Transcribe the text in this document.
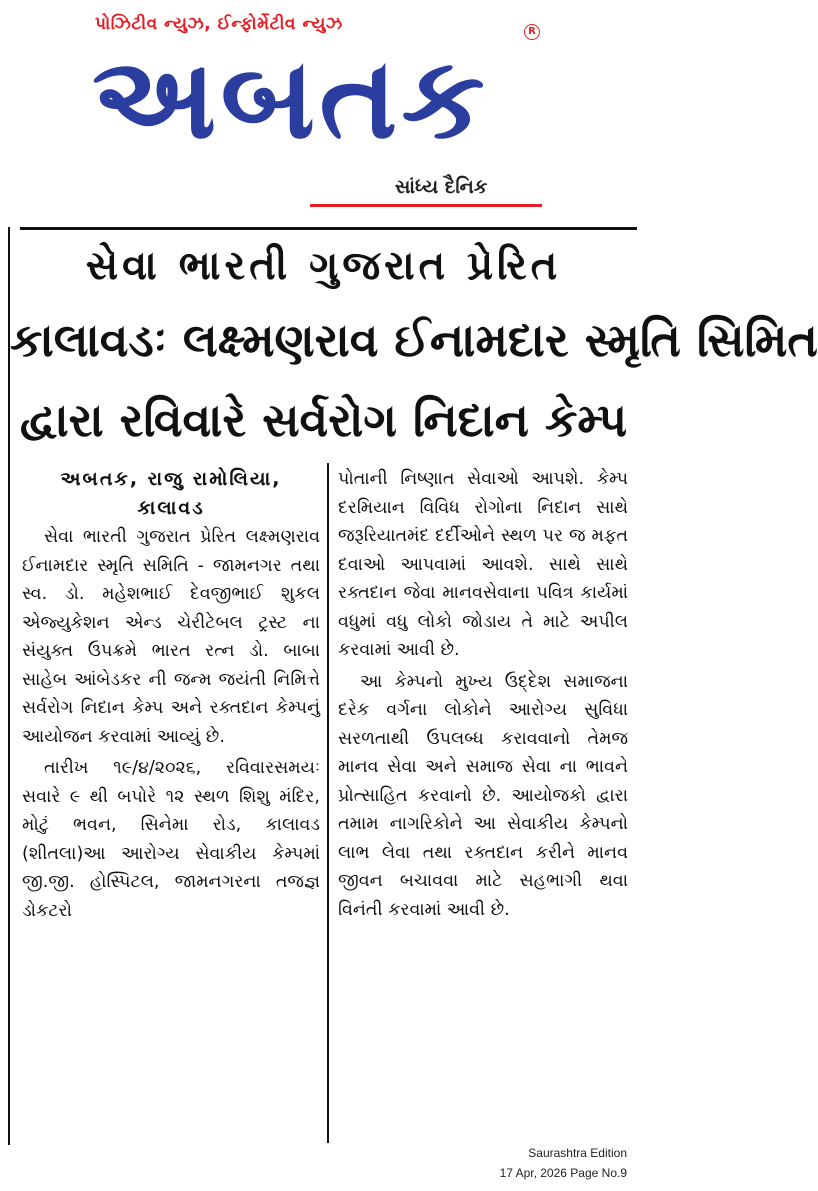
પોઝિટીવ ન્યુઝ, ઈન્ફોર્મેટીવ ન્યુઝ	R
અબતક
સાંધ્ય દૈનિક
સેવા ભારતી ગુજરાત પ્રેરિત
કાલાવડઃ લક્ષ્મણરાવ ઈનામદાર સ્મૃતિ સિમિત
દ્વારા રવિવારે સર્વરોગ નિદાન કેમ્પ
અબતક, રાજુ રામોલિયા,
કાલાવડ

સેવા ભારતી ગુજરાત પ્રેરિત લક્ષ્મણરાવ ઈનામદાર સ્મૃતિ સમિતિ - જામનગર તથા સ્વ. ડો. મહેશભાઈ દેવજીભાઈ શુકલ એજ્યુકેશન એન્ડ ચેરીટેબલ ટ્રસ્ટ ના સંયુક્ત ઉપક્રમે ભારત રત્ન ડો. બાબા સાહેબ આંબેડકર ની જન્મ જયંતી નિમિત્તે સર્વરોગ નિદાન કેમ્પ અને રક્તદાન કેમ્પનું આયોજન કરવામાં આવ્યું છે.

તારીખ ૧૯/૪/૨૦૨૬, રવિવારસમયઃ સવારે ૯ થી બપોરે ૧૨ સ્થળ શિશુ મંદિર, મોટું ભવન, સિનેમા રોડ, કાલાવડ (શીતલા)આ આરોગ્ય સેવાકીય કેમ્પમાં જી.જી. હોસ્પિટલ, જામનગરના તજજ્ઞ ડોકટરો

પોતાની નિષ્ણાત સેવાઓ આપશે. કેમ્પ દરમિયાન વિવિધ રોગોના નિદાન સાથે જરૂરિયાતમંદ દર્દીઓને સ્થળ પર જ મફત દવાઓ આપવામાં આવશે. સાથે સાથે રક્તદાન જેવા માનવસેવાના પવિત્ર કાર્યમાં વધુમાં વધુ લોકો જોડાય તે માટે અપીલ કરવામાં આવી છે.

આ કેમ્પનો મુખ્ય ઉદ્દેશ સમાજના દરેક વર્ગના લોકોને આરોગ્ય સુવિધા સરળતાથી ઉપલબ્ધ કરાવવાનો તેમજ માનવ સેવા અને સમાજ સેવા ના ભાવને પ્રોત્સાહિત કરવાનો છે. આયોજકો દ્વારા તમામ નાગરિકોને આ સેવાકીય કેમ્પનો લાભ લેવા તથા રક્તદાન કરીને માનવ જીવન બચાવવા માટે સહભાગી થવા વિનંતી કરવામાં આવી છે.

Saurashtra Edition
17 Apr, 2026 Page No.9
